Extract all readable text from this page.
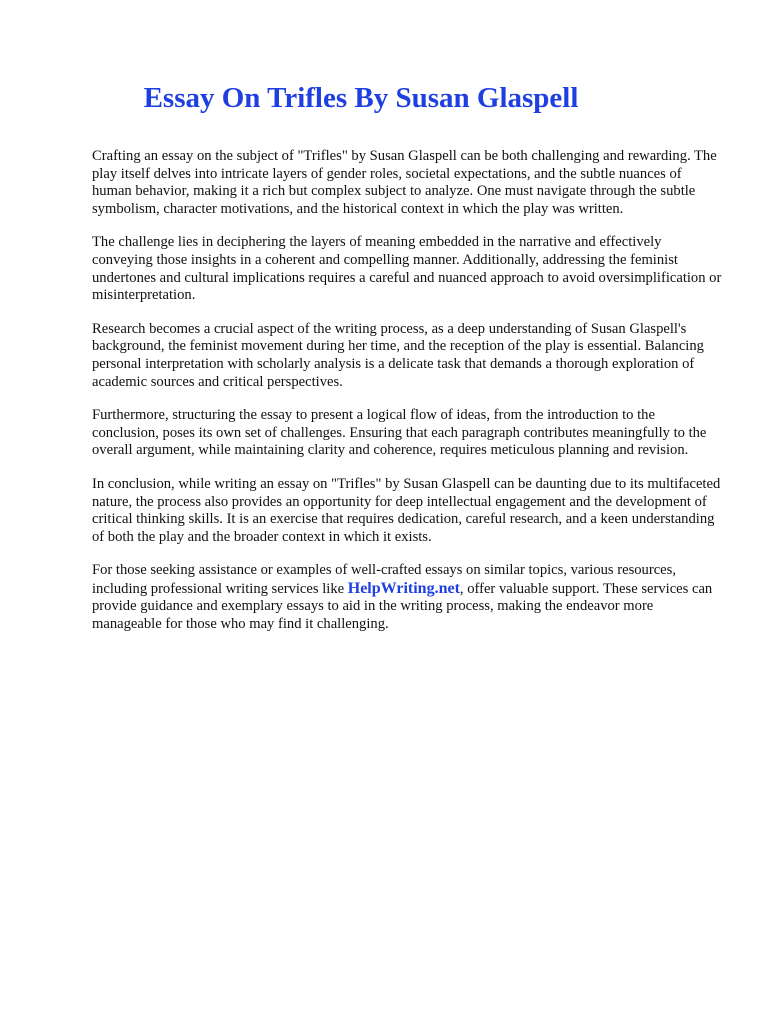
Essay On Trifles By Susan Glaspell

Crafting an essay on the subject of "Trifles" by Susan Glaspell can be both challenging and rewarding. The play itself delves into intricate layers of gender roles, societal expectations, and the subtle nuances of human behavior, making it a rich but complex subject to analyze. One must navigate through the subtle symbolism, character motivations, and the historical context in which the play was written.

The challenge lies in deciphering the layers of meaning embedded in the narrative and effectively conveying those insights in a coherent and compelling manner. Additionally, addressing the feminist undertones and cultural implications requires a careful and nuanced approach to avoid oversimplification or misinterpretation.

Research becomes a crucial aspect of the writing process, as a deep understanding of Susan Glaspell's background, the feminist movement during her time, and the reception of the play is essential. Balancing personal interpretation with scholarly analysis is a delicate task that demands a thorough exploration of academic sources and critical perspectives.

Furthermore, structuring the essay to present a logical flow of ideas, from the introduction to the conclusion, poses its own set of challenges. Ensuring that each paragraph contributes meaningfully to the overall argument, while maintaining clarity and coherence, requires meticulous planning and revision.

In conclusion, while writing an essay on "Trifles" by Susan Glaspell can be daunting due to its multifaceted nature, the process also provides an opportunity for deep intellectual engagement and the development of critical thinking skills. It is an exercise that requires dedication, careful research, and a keen understanding of both the play and the broader context in which it exists.

For those seeking assistance or examples of well-crafted essays on similar topics, various resources, including professional writing services like HelpWriting.net, offer valuable support. These services can provide guidance and exemplary essays to aid in the writing process, making the endeavor more manageable for those who may find it challenging.
